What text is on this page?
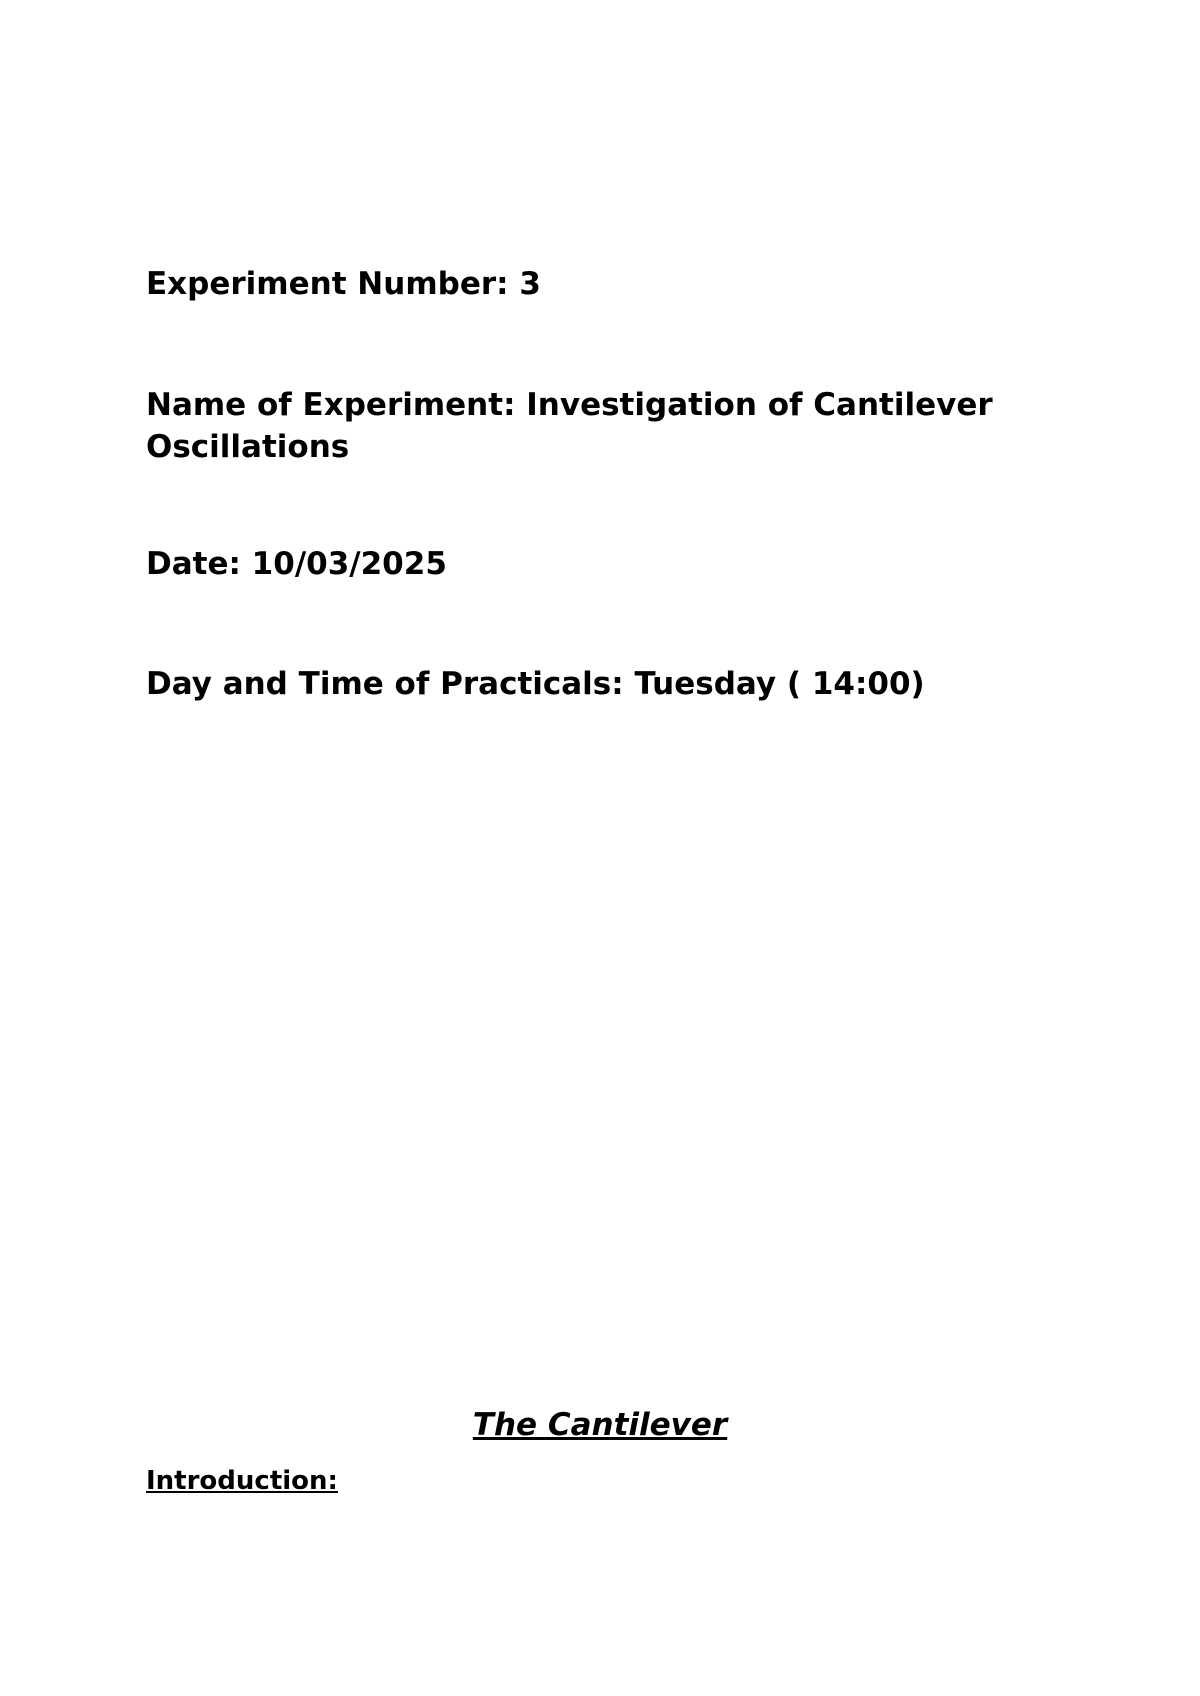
Experiment Number: 3

Name of Experiment: Investigation of Cantilever Oscillations

Date: 10/03/2025

Day and Time of Practicals: Tuesday ( 14:00)

The Cantilever
Introduction:
